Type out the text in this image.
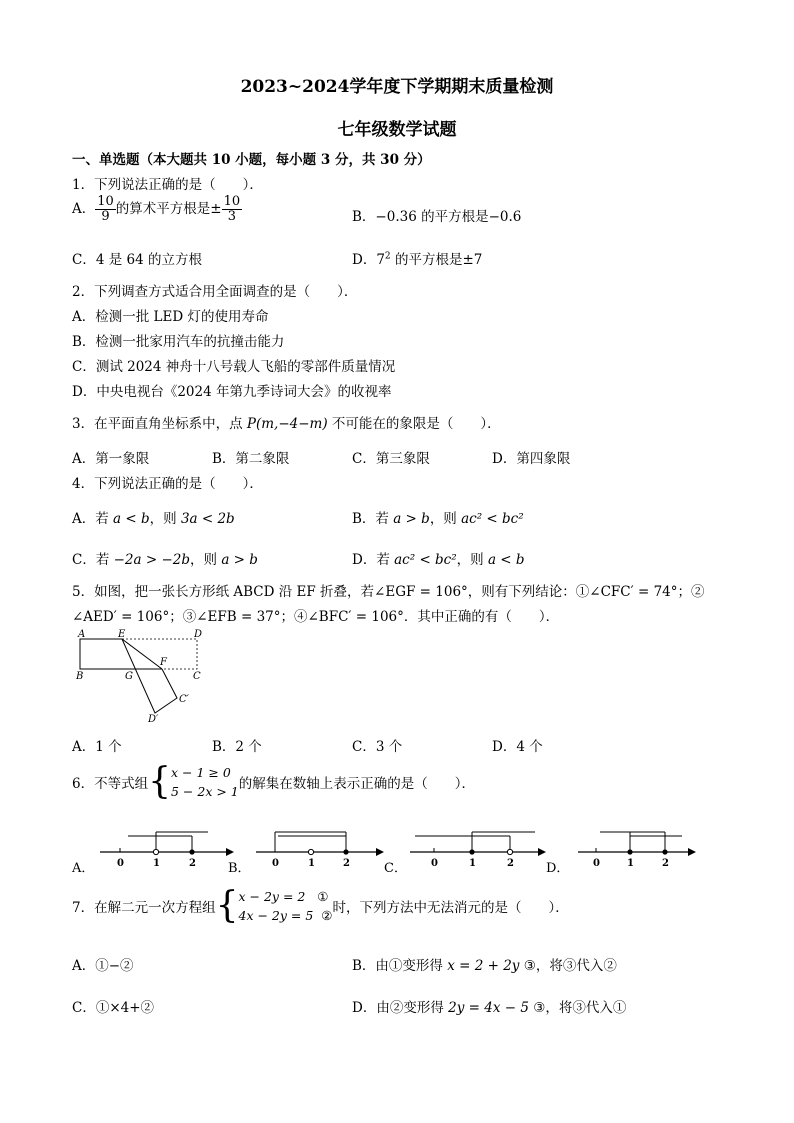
2023~2024学年度下学期期末质量检测
七年级数学试题
一、单选题（本大题共 10 小题，每小题 3 分，共 30 分）
1．下列说法正确的是（　　）．
A． $\frac{10}{9}$ 的算术平方根是± $\frac{10}{3}$	B．−0.36 的平方根是−0.6
C．4 是 64 的立方根	D．$7^2$ 的平方根是±7
2．下列调查方式适合用全面调查的是（　　）．
A．检测一批 LED 灯的使用寿命
B．检测一批家用汽车的抗撞击能力
C．测试 2024 神舟十八号载人飞船的零部件质量情况
D．中央电视台《2024 年第九季诗词大会》的收视率
3．在平面直角坐标系中，点 P(m,−4−m) 不可能在的象限是（　　）．
A．第一象限	B．第二象限	C．第三象限	D．第四象限
4．下列说法正确的是（　　）．
A．若 a < b，则 3a < 2b	B．若 a > b，则 ac² < bc²
C．若 −2a > −2b，则 a > b	D．若 ac² < bc²，则 a < b
5．如图，把一张长方形纸 ABCD 沿 EF 折叠，若∠EGF = 106°，则有下列结论：①∠CFC′ = 74°；②
∠AED′ = 106°；③∠EFB = 37°；④∠BFC′ = 106°．其中正确的有（　　）．
A	E	D
B	G
F
C
C′
D′
A．1 个	B．2 个	C．3 个	D．4 个
6．不等式组{ x − 1 ≥ 0
5 − 2x > 1 的解集在数轴上表示正确的是（　　）．
0	1	2
A．	0	1	2
B．	0	1	2
C．	0	1	2
D．
7．在解二元一次方程组{ x − 2y = 2 ①
4x − 2y = 5 ② 时，下列方法中无法消元的是（　　）．
A．①−②	B．由①变形得 x = 2 + 2y ③，将③代入②
C．①×4+②	D．由②变形得 2y = 4x − 5 ③，将③代入①
